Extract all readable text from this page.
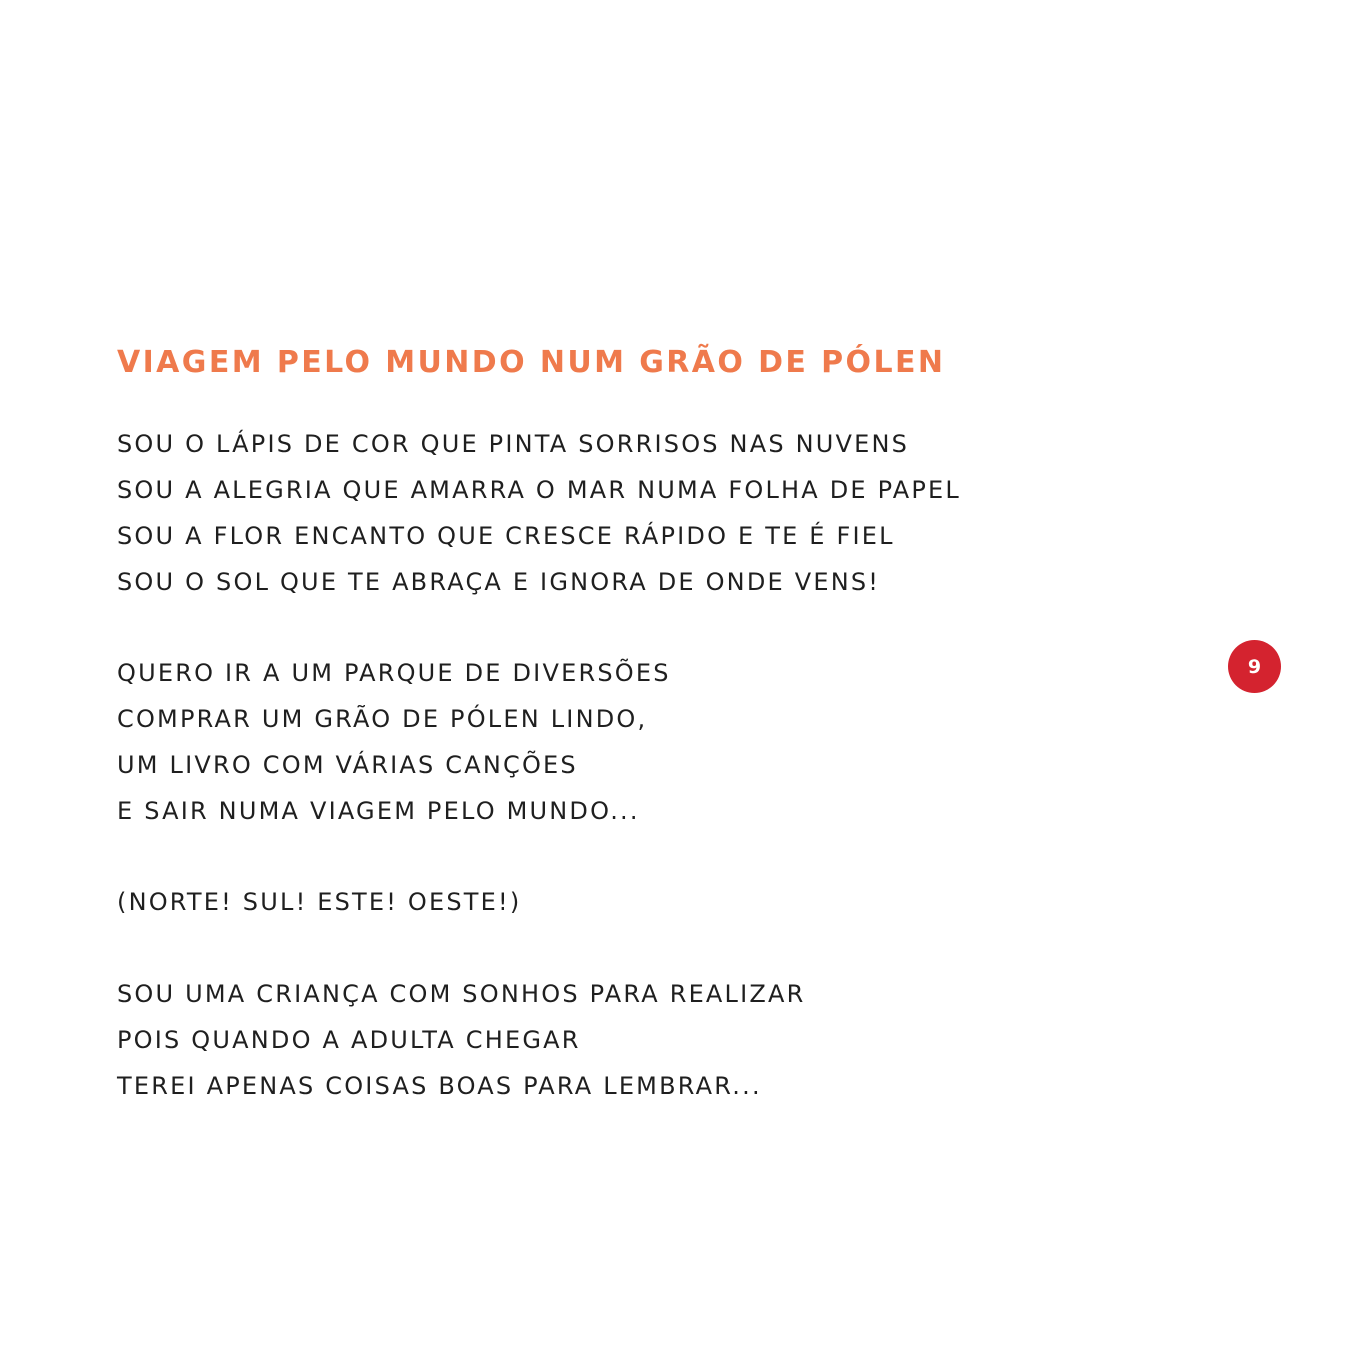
VIAGEM PELO MUNDO NUM GRÃO DE PÓLEN

SOU O LÁPIS DE COR QUE PINTA SORRISOS NAS NUVENS

SOU A ALEGRIA QUE AMARRA O MAR NUMA FOLHA DE PAPEL

SOU A FLOR ENCANTO QUE CRESCE RÁPIDO E TE É FIEL

SOU O SOL QUE TE ABRAÇA E IGNORA DE ONDE VENS!

QUERO IR A UM PARQUE DE DIVERSÕES

COMPRAR UM GRÃO DE PÓLEN LINDO,

UM LIVRO COM VÁRIAS CANÇÕES

E SAIR NUMA VIAGEM PELO MUNDO...

(NORTE! SUL! ESTE! OESTE!)

SOU UMA CRIANÇA COM SONHOS PARA REALIZAR

POIS QUANDO A ADULTA CHEGAR

TEREI APENAS COISAS BOAS PARA LEMBRAR...

9
